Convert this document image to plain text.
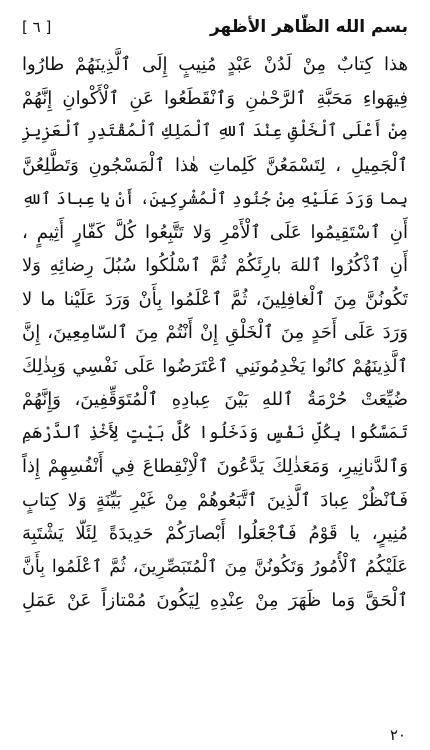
[ ٦ ]	بسم الله الظّاهر الأظهر
هذا كِتابٌ مِنْ لَدُنْ عَبْدٍ مُنِيبٍ إِلَى ٱلَّذِينَهُمْ طارُوا
فِيهَواءِ مَحَبَّةِ ٱلرَّحْمٰنِ وَٱنْقَطَعُوا عَنِ ٱلْأَكْوانِ إِنَّهُمْ
مِنْ أَعْلَى ٱلْخَلْقِ عِنْدَ ٱللهِ ٱلْمَلِكِ ٱلْمُقْتَدِرِ ٱلْعَزِيزِ
ٱلْجَمِيلِ ، لِتَسْمَعُنَّ كَلِماتِ هٰذا ٱلْمَسْجُونِ وَتَطَّلِعُنَّ
بِما وَرَدَ عَلَيْهِ مِنْ جُنُودِ ٱلْمُشْرِكِينَ، أَنْ يا عِبادَ ٱللهِ
أَنِ ٱسْتَقِيمُوا عَلَى ٱلْأَمْرِ وَلا تَتَّبِعُوا كُلَّ كَفّارٍ أَثِيمٍ ،
أَنِ ٱذْكُرُوا ٱللهَ بارِئَكُمْ ثُمَّ ٱسْلُكُوا سُبُلَ رِضائِهِ وَلا
تَكُونُنَّ مِنَ ٱلْغافِلِينَ، ثُمَّ ٱعْلَمُوا بِأَنْ وَرَدَ عَلَيْنا ما لا
وَرَدَ عَلَى أَحَدٍ مِنَ ٱلْخَلْقِ إِنْ أَنْتُمْ مِنَ ٱلسّامِعِينَ، إِنَّ
ٱلَّذِينَهُمْ كانُوا يَخْدِمُونَنِي ٱعْتَرَضُوا عَلَى نَفْسِي وَبِذٰلِكَ
ضُيِّعَتْ حُرْمَةُ ٱللهِ بَيْنَ عِبادِهِ ٱلْمُتَوَقِّفِينَ، وَإِنَّهُمْ
تَمَسَّكُوا بِكُلِّ نَفْسٍ وَدَخَلُوا كُلَّ بَيْتٍ لِأَخْذِ ٱلدَّرْهَمِ
وَٱلدَّنانِيرِ، وَمَعَذٰلِكَ يَدَّعُونَ ٱلْاِنْقِطاعَ فِي أَنْفُسِهِمْ إِذاً
فَٱنْظُرْ عِبادَ ٱلَّذِينَ ٱتَّبَعُوهُمْ مِنْ غَيْرِ بَيِّنَةٍ وَلا كِتابٍ
مُنِيرٍ، يا قَوْمُ فَٱجْعَلُوا أَبْصارَكُمْ حَدِيدَةً لِئَلّا يَشْتَبِهَ
عَلَيْكُمُ ٱلْأُمُورُ وَتَكُونُنَّ مِنَ ٱلْمُتَبَصِّرِينَ، ثُمَّ ٱعْلَمُوا بِأَنَّ
ٱلْحَقَّ وَما ظَهَرَ مِنْ عِنْدِهِ لِيَكُونَ مُمْتازاً عَنْ عَمَلِ
٢٠
